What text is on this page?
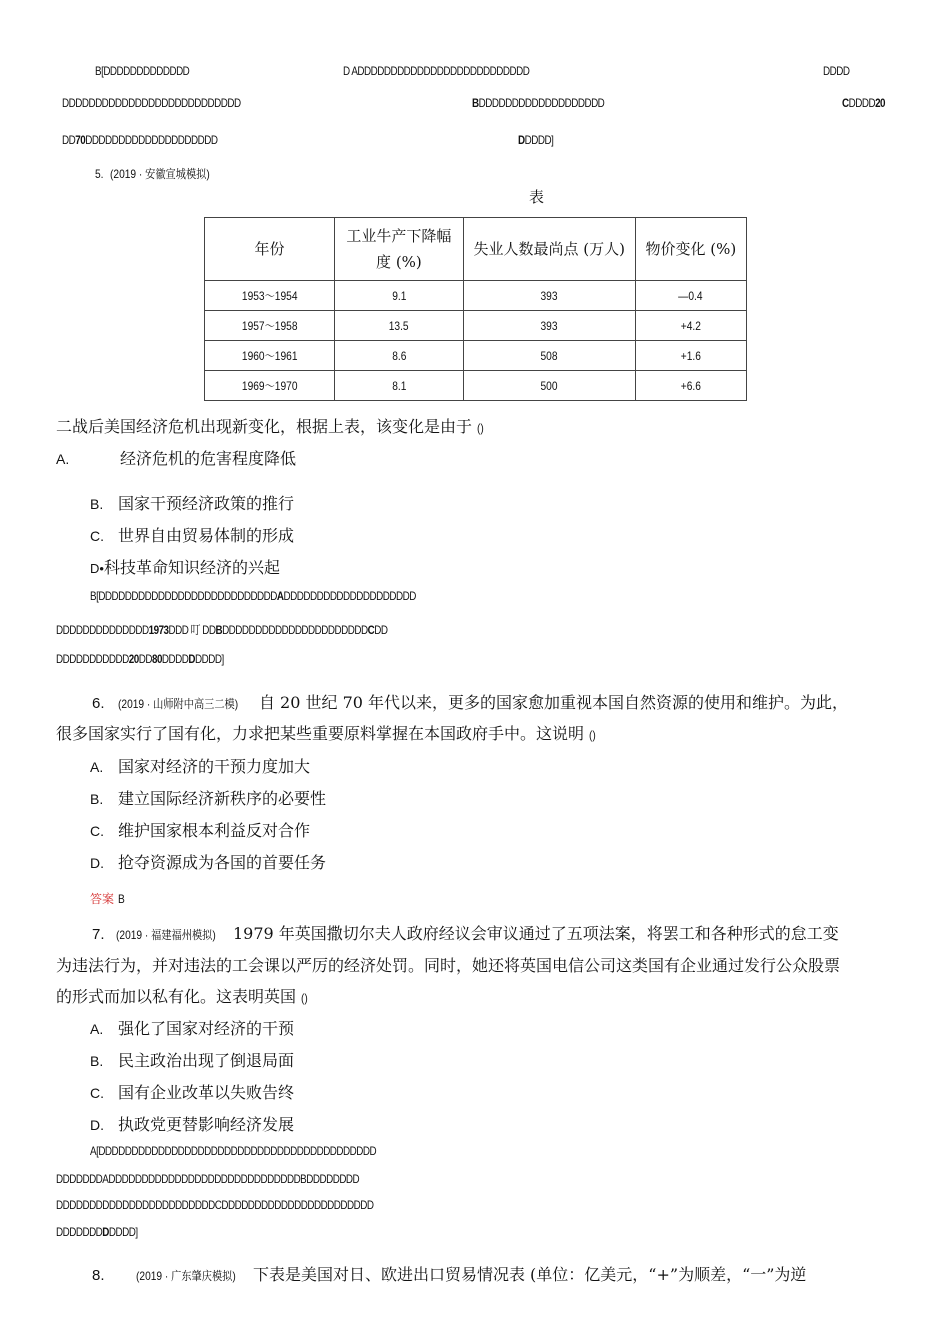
B[DDDDDDDDDDDDD	D ADDDDDDDDDDDDDDDDDDDDDDDDDD	DDDD
DDDDDDDDDDDDDDDDDDDDDDDDDDD	BDDDDDDDDDDDDDDDDDDD	CDDDD20
DD70DDDDDDDDDDDDDDDDDDDD	DDDDD]
5. (2019 · 安徽宣城模拟)
表
年份	工业牛产下降幅度 (%)	失业人数最尚点 (万人)	物价变化 (%)
1953〜1954	9.1	393	—0.4
1957〜1958	13.5	393	+4.2
1960〜1961	8.6	508	+1.6
1969〜1970	8.1	500	+6.6
二战后美国经济危机出现新变化，根据上表，该变化是由于 ()
A.	经济危机的危害程度降低
B. 国家干预经济政策的推行
C. 世界自由贸易体制的形成
D•科技革命知识经济的兴起
B[DDDDDDDDDDDDDDDDDDDDDDDDDDDADDDDDDDDDDDDDDDDDDDD
DDDDDDDDDDDDDD1973DDD 叮 DDBDDDDDDDDDDDDDDDDDDDDDDCDD
DDDDDDDDDDD20DD80DDDDDDDDD]
6. (2019 · 山师附中高三二模) 自 20 世纪 70 年代以来，更多的国家愈加重视本国自然资源的使用和维护。为此，
很多国家实行了国有化，力求把某些重要原料掌握在本国政府手中。这说明 ()
A. 国家对经济的干预力度加大
B. 建立国际经济新秩序的必要性
C. 维护国家根本利益反对合作
D. 抢夺资源成为各国的首要任务
答案 B
7. (2019 · 福建福州模拟) 1979 年英国撒切尔夫人政府经议会审议通过了五项法案，将罢工和各种形式的怠工变
为违法行为，并对违法的工会课以严厉的经济处罚。同时，她还将英国电信公司这类国有企业通过发行公众股票
的形式而加以私有化。这表明英国 ()
A. 强化了国家对经济的干预
B. 民主政治出现了倒退局面
C. 国有企业改革以失败告终
D. 执政党更替影响经济发展
A[DDDDDDDDDDDDDDDDDDDDDDDDDDDDDDDDDDDDDDDDDD
DDDDDDDADDDDDDDDDDDDDDDDDDDDDDDDDDDDDBDDDDDDDD
DDDDDDDDDDDDDDDDDDDDDDDDCDDDDDDDDDDDDDDDDDDDDDDD
DDDDDDDDDDDD]
8.	(2019 · 广东肇庆模拟) 下表是美国对日、欧进出口贸易情况表 (单位：亿美元，“+”为顺差，“一”为逆
